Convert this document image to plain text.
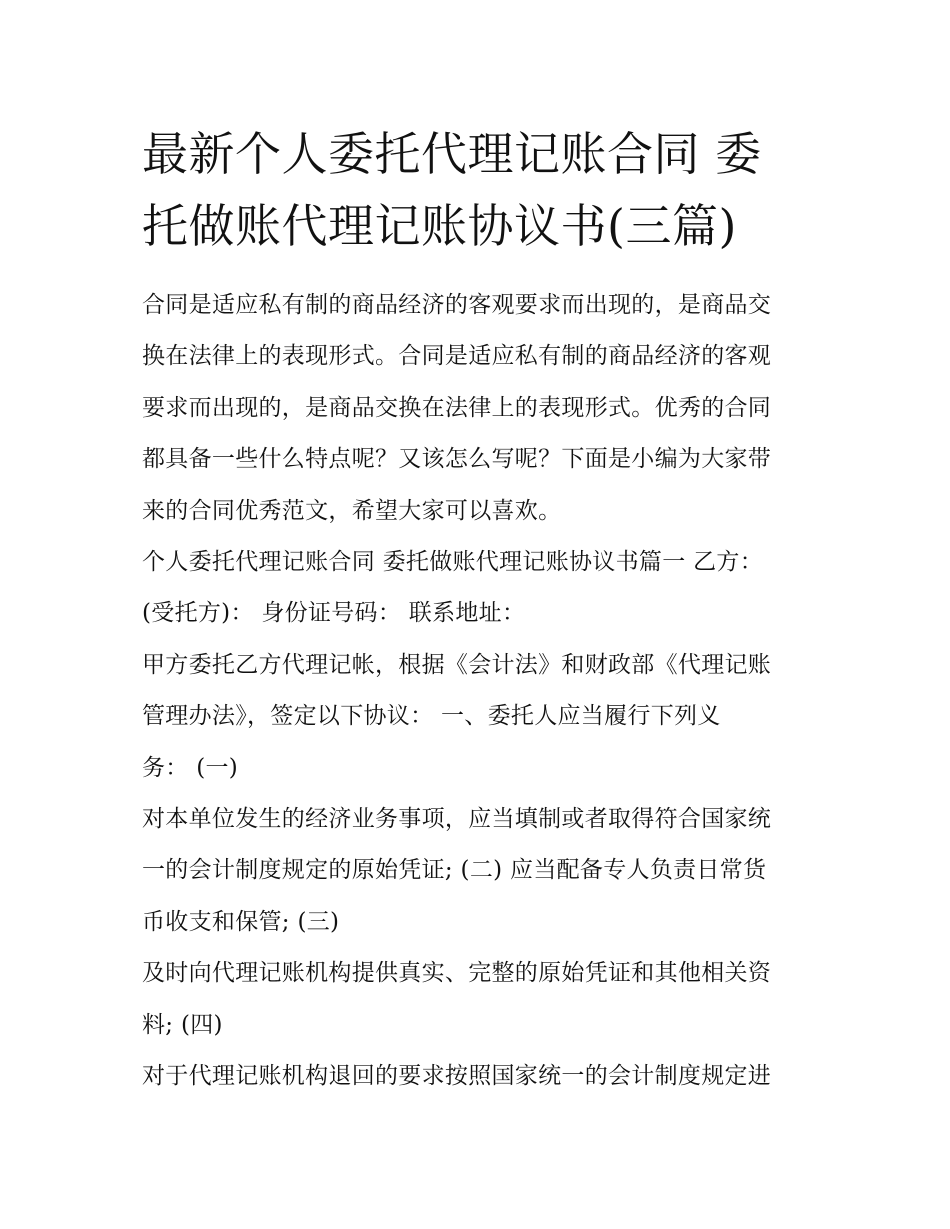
最新个人委托代理记账合同 委
托做账代理记账协议书(三篇)
合同是适应私有制的商品经济的客观要求而出现的，是商品交
换在法律上的表现形式。合同是适应私有制的商品经济的客观
要求而出现的，是商品交换在法律上的表现形式。优秀的合同
都具备一些什么特点呢？又该怎么写呢？下面是小编为大家带
来的合同优秀范文，希望大家可以喜欢。
个人委托代理记账合同 委托做账代理记账协议书篇一 乙方：
(受托方)： 身份证号码： 联系地址：
甲方委托乙方代理记帐，根据《会计法》和财政部《代理记账
管理办法》，签定以下协议： 一、委托人应当履行下列义
务： (一)
对本单位发生的经济业务事项，应当填制或者取得符合国家统
一的会计制度规定的原始凭证; (二) 应当配备专人负责日常货
币收支和保管; (三)
及时向代理记账机构提供真实、完整的原始凭证和其他相关资
料; (四)
对于代理记账机构退回的要求按照国家统一的会计制度规定进
